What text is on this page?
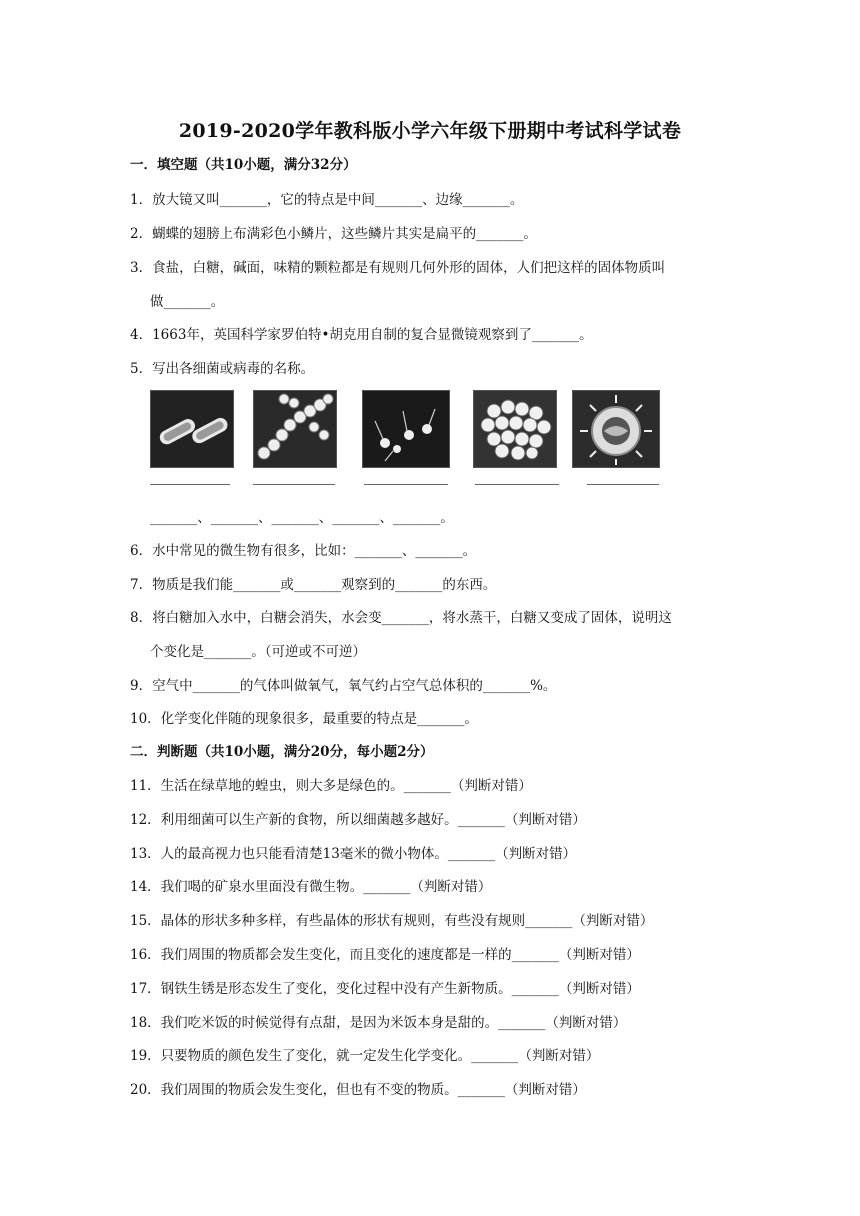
2019-2020学年教科版小学六年级下册期中考试科学试卷
一．填空题（共10小题，满分32分）
1．放大镜又叫_______，它的特点是中间_______、边缘_______。
2．蝴蝶的翅膀上布满彩色小鳞片，这些鳞片其实是扁平的_______。
3．食盐，白糖，碱面，味精的颗粒都是有规则几何外形的固体，人们把这样的固体物质叫
做_______。
4．1663年，英国科学家罗伯特•胡克用自制的复合显微镜观察到了_______。
5．写出各细菌或病毒的名称。
_______、_______、_______、_______、_______。
6．水中常见的微生物有很多，比如：_______、_______。
7．物质是我们能_______或_______观察到的_______的东西。
8．将白糖加入水中，白糖会消失，水会变_______，将水蒸干，白糖又变成了固体，说明这
个变化是_______。（可逆或不可逆）
9．空气中_______的气体叫做氧气，氧气约占空气总体积的_______%。
10．化学变化伴随的现象很多，最重要的特点是_______。
二．判断题（共10小题，满分20分，每小题2分）
11．生活在绿草地的蝗虫，则大多是绿色的。_______（判断对错）
12．利用细菌可以生产新的食物，所以细菌越多越好。_______（判断对错）
13．人的最高视力也只能看清楚13毫米的微小物体。_______（判断对错）
14．我们喝的矿泉水里面没有微生物。_______（判断对错）
15．晶体的形状多种多样，有些晶体的形状有规则，有些没有规则_______（判断对错）
16．我们周围的物质都会发生变化，而且变化的速度都是一样的_______（判断对错）
17．钢铁生锈是形态发生了变化，变化过程中没有产生新物质。_______（判断对错）
18．我们吃米饭的时候觉得有点甜，是因为米饭本身是甜的。_______（判断对错）
19．只要物质的颜色发生了变化，就一定发生化学变化。_______（判断对错）
20．我们周围的物质会发生变化，但也有不变的物质。_______（判断对错）
